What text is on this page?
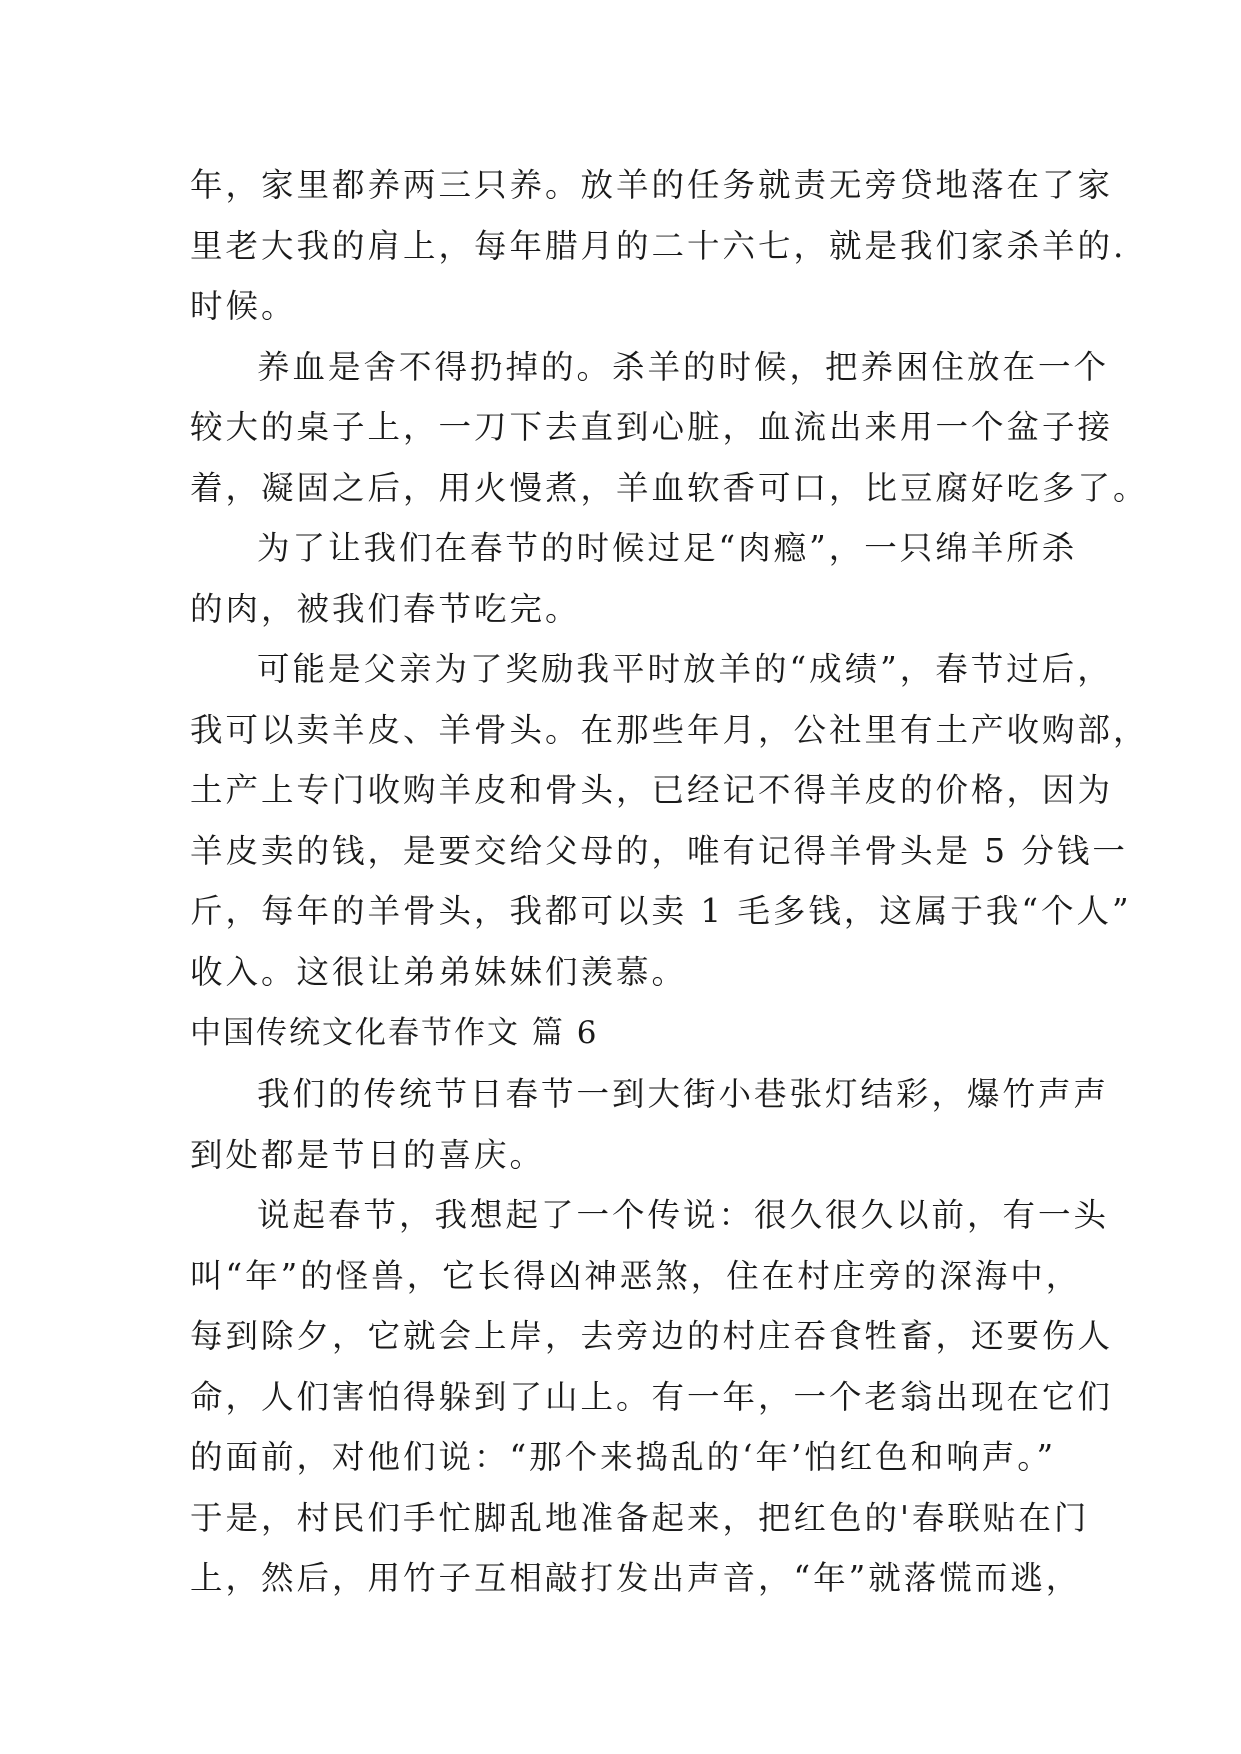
年，家里都养两三只养。放羊的任务就责无旁贷地落在了家
里老大我的肩上，每年腊月的二十六七，就是我们家杀羊的.
时候。
养血是舍不得扔掉的。杀羊的时候，把养困住放在一个
较大的桌子上，一刀下去直到心脏，血流出来用一个盆子接
着，凝固之后，用火慢煮，羊血软香可口，比豆腐好吃多了。
为了让我们在春节的时候过足“肉瘾”，一只绵羊所杀
的肉，被我们春节吃完。
可能是父亲为了奖励我平时放羊的“成绩”，春节过后，
我可以卖羊皮、羊骨头。在那些年月，公社里有土产收购部，
土产上专门收购羊皮和骨头，已经记不得羊皮的价格，因为
羊皮卖的钱，是要交给父母的，唯有记得羊骨头是 5 分钱一
斤，每年的羊骨头，我都可以卖 1 毛多钱，这属于我“个人”
收入。这很让弟弟妹妹们羡慕。
中国传统文化春节作文 篇 6
我们的传统节日春节一到大街小巷张灯结彩，爆竹声声
到处都是节日的喜庆。
说起春节，我想起了一个传说：很久很久以前，有一头
叫“年”的怪兽，它长得凶神恶煞，住在村庄旁的深海中，
每到除夕，它就会上岸，去旁边的村庄吞食牲畜，还要伤人
命，人们害怕得躲到了山上。有一年，一个老翁出现在它们
的面前，对他们说：“那个来捣乱的‘年’怕红色和响声。”
于是，村民们手忙脚乱地准备起来，把红色的'春联贴在门
上，然后，用竹子互相敲打发出声音，“年”就落慌而逃，
